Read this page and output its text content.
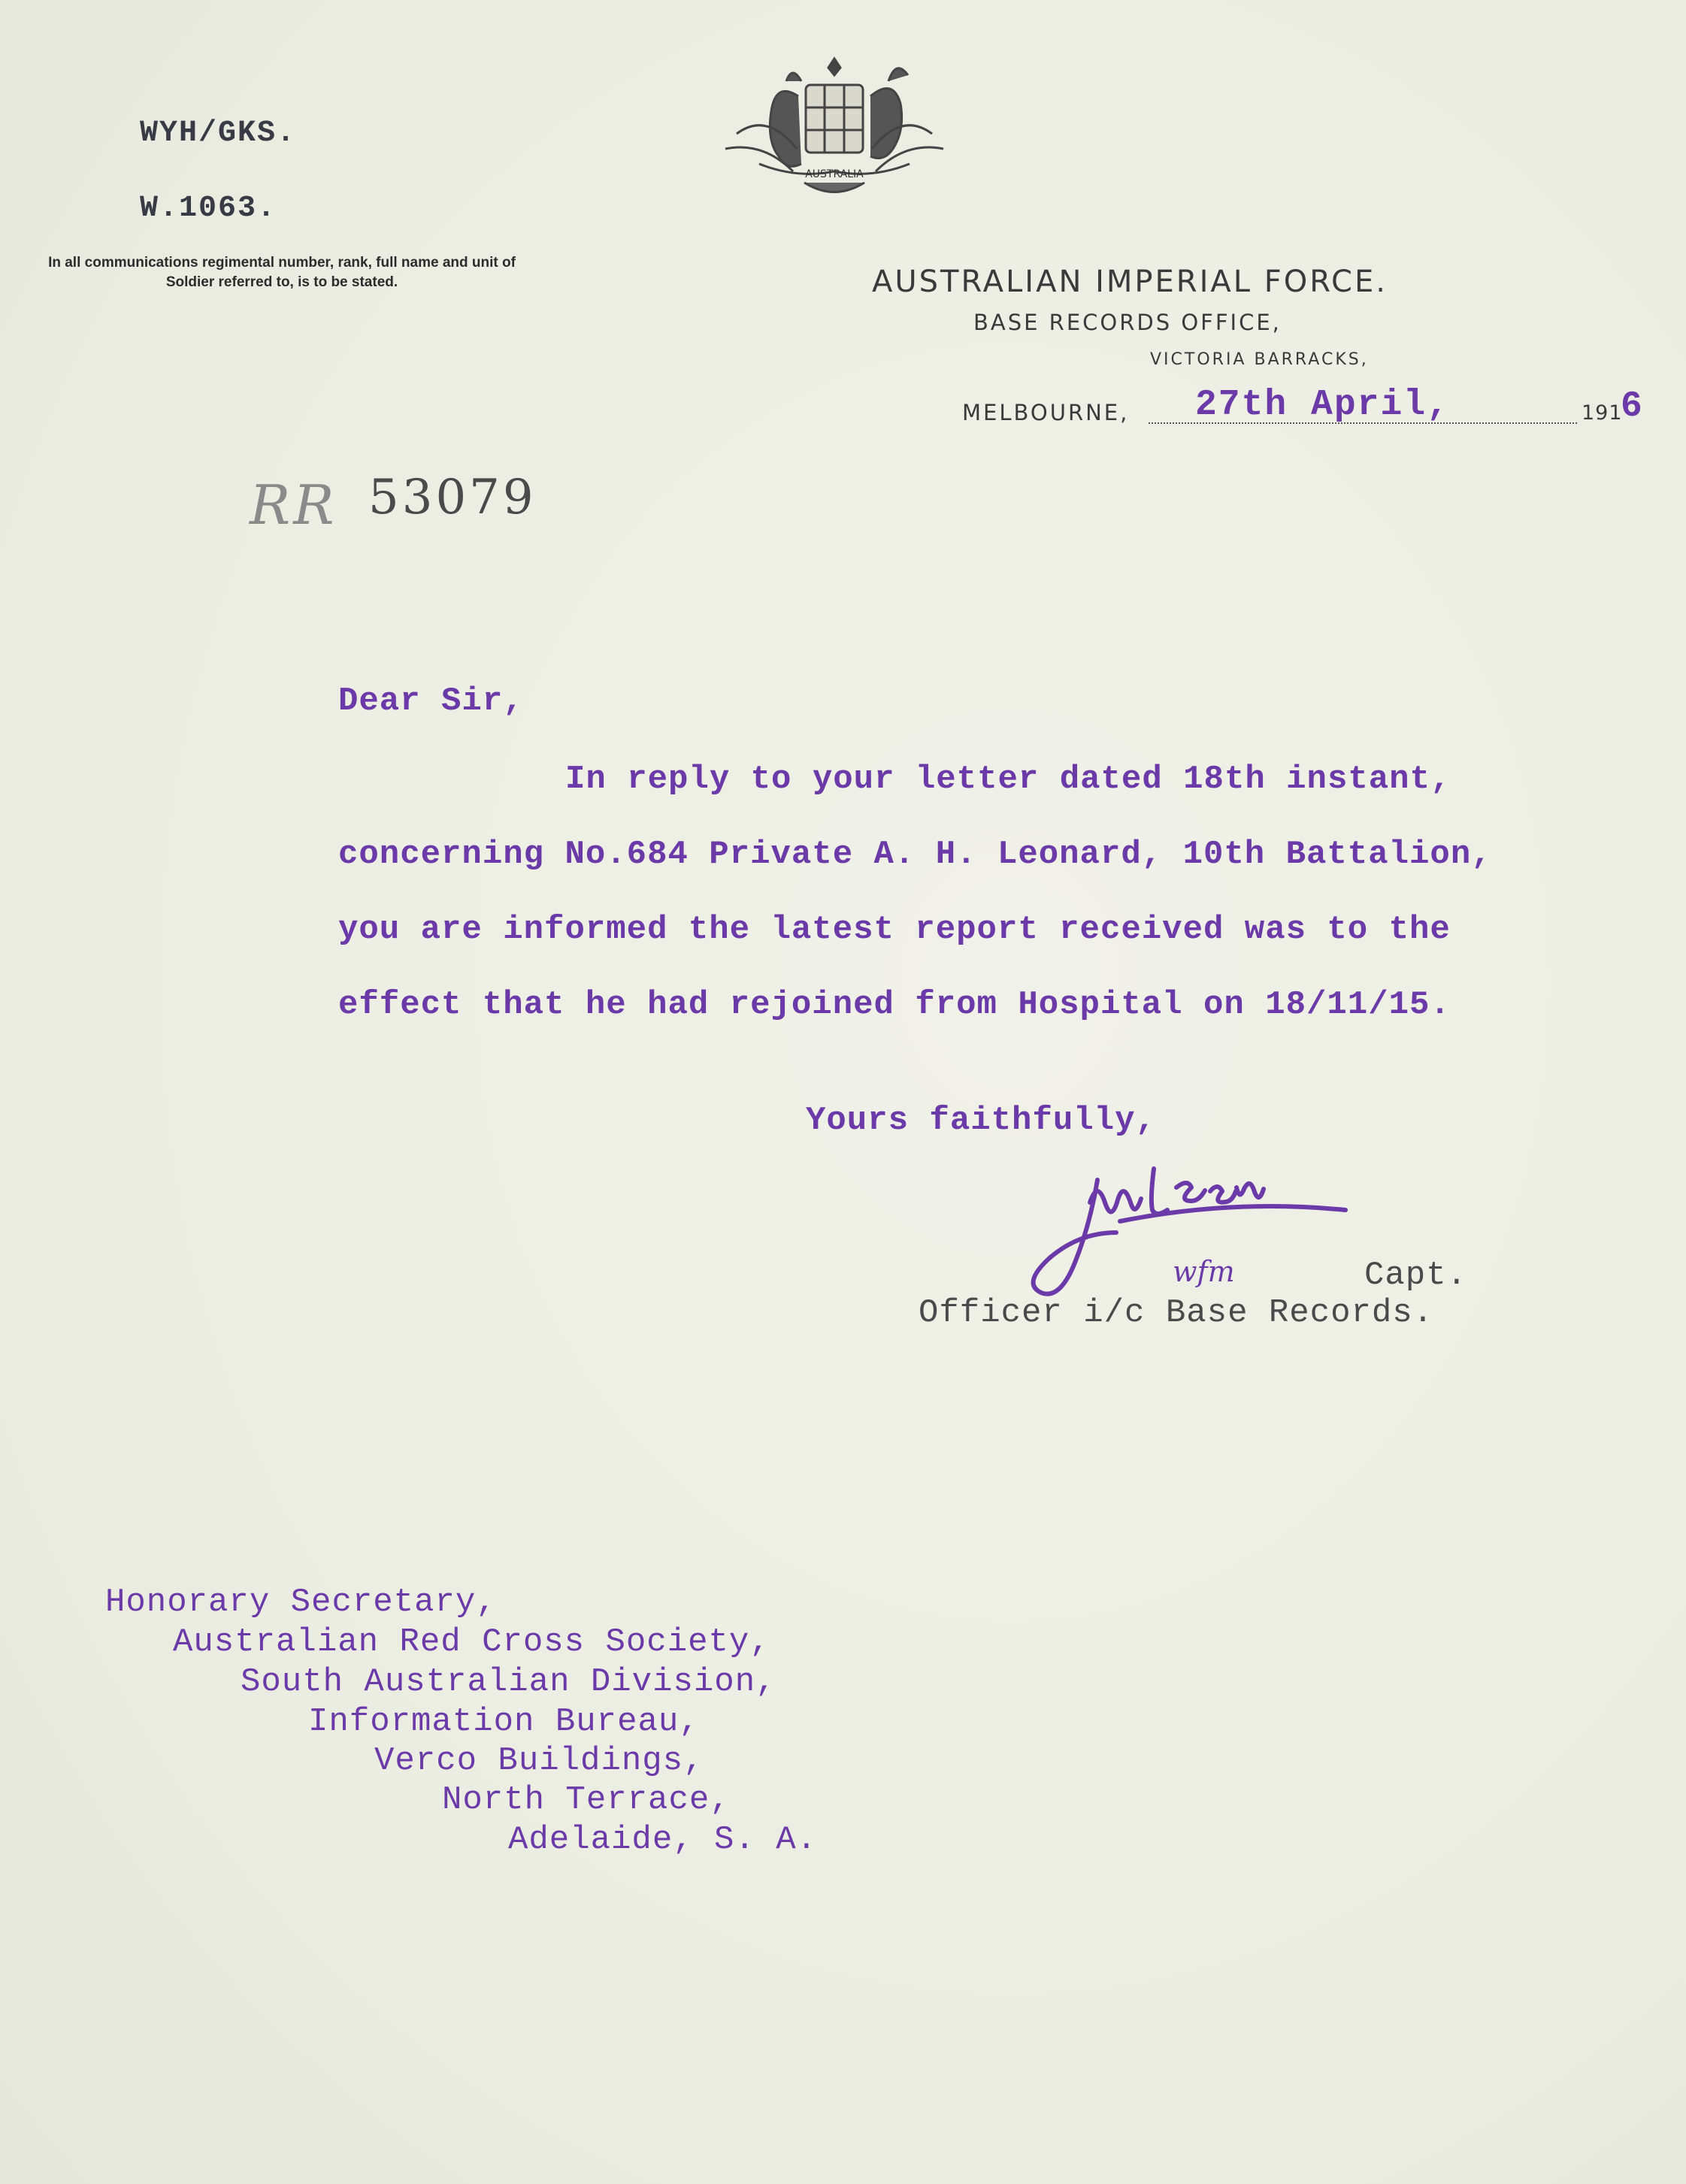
WYH/GKS.
W.1063.
In all communications regimental number, rank, full name and unit of Soldier referred to, is to be stated.
AUSTRALIA
AUSTRALIAN IMPERIAL FORCE.
BASE RECORDS OFFICE,
VICTORIA BARRACKS,
MELBOURNE, 27th April,	191
6
RR 53079
Dear Sir,
In reply to your letter dated 18th instant,
concerning No.684 Private A. H. Leonard, 10th Battalion,
you are informed the latest report received was to the
effect that he had rejoined from Hospital on 18/11/15.
Yours faithfully,
wfm	Capt.
Officer i/c Base Records.
Honorary Secretary,
Australian Red Cross Society,
South Australian Division,
Information Bureau,
Verco Buildings,
North Terrace,
Adelaide, S. A.
